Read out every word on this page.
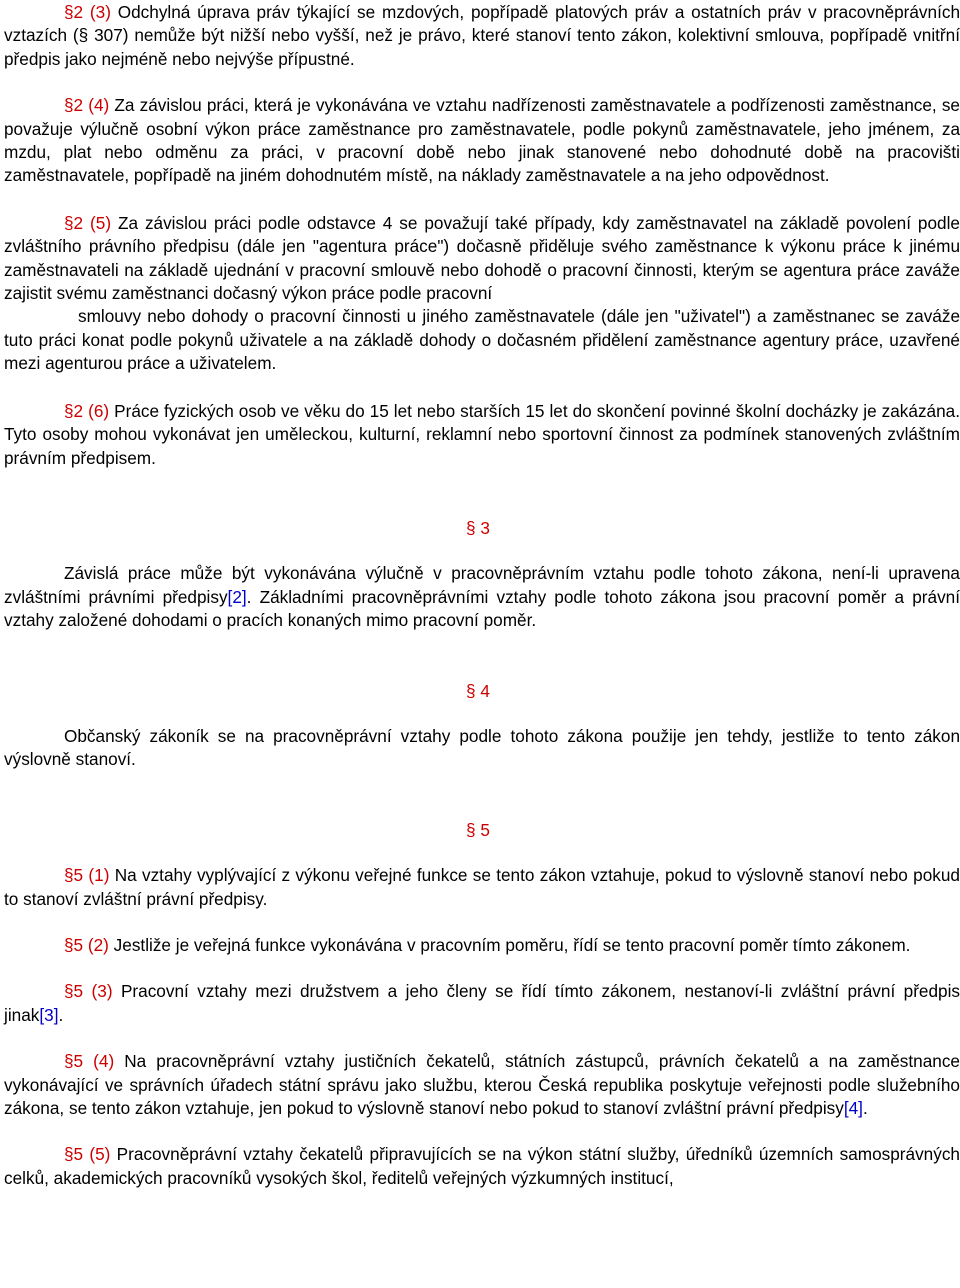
§2 (3) Odchylná úprava práv týkající se mzdových, popřípadě platových práv a ostatních práv v pracovněprávních vztazích (§ 307) nemůže být nižší nebo vyšší, než je právo, které stanoví tento zákon, kolektivní smlouva, popřípadě vnitřní předpis jako nejméně nebo nejvýše přípustné.

§2 (4) Za závislou práci, která je vykonávána ve vztahu nadřízenosti zaměstnavatele a podřízenosti zaměstnance, se považuje výlučně osobní výkon práce zaměstnance pro zaměstnavatele, podle pokynů zaměstnavatele, jeho jménem, za mzdu, plat nebo odměnu za práci, v pracovní době nebo jinak stanovené nebo dohodnuté době na pracovišti zaměstnavatele, popřípadě na jiném dohodnutém místě, na náklady zaměstnavatele a na jeho odpovědnost.

§2 (5) Za závislou práci podle odstavce 4 se považují také případy, kdy zaměstnavatel na základě povolení podle zvláštního právního předpisu (dále jen "agentura práce") dočasně přiděluje svého zaměstnance k výkonu práce k jinému zaměstnavateli na základě ujednání v pracovní smlouvě nebo dohodě o pracovní činnosti, kterým se agentura práce zaváže zajistit svému zaměstnanci dočasný výkon práce podle pracovní

smlouvy nebo dohody o pracovní činnosti u jiného zaměstnavatele (dále jen "uživatel") a zaměstnanec se zaváže tuto práci konat podle pokynů uživatele a na základě dohody o dočasném přidělení zaměstnance agentury práce, uzavřené mezi agenturou práce a uživatelem.

§2 (6) Práce fyzických osob ve věku do 15 let nebo starších 15 let do skončení povinné školní docházky je zakázána. Tyto osoby mohou vykonávat jen uměleckou, kulturní, reklamní nebo sportovní činnost za podmínek stanovených zvláštním právním předpisem.

§ 3

Závislá práce může být vykonávána výlučně v pracovněprávním vztahu podle tohoto zákona, není-li upravena zvláštními právními předpisy[2]. Základními pracovněprávními vztahy podle tohoto zákona jsou pracovní poměr a právní vztahy založené dohodami o pracích konaných mimo pracovní poměr.

§ 4

Občanský zákoník se na pracovněprávní vztahy podle tohoto zákona použije jen tehdy, jestliže to tento zákon výslovně stanoví.

§ 5

§5 (1) Na vztahy vyplývající z výkonu veřejné funkce se tento zákon vztahuje, pokud to výslovně stanoví nebo pokud to stanoví zvláštní právní předpisy.

§5 (2) Jestliže je veřejná funkce vykonávána v pracovním poměru, řídí se tento pracovní poměr tímto zákonem.

§5 (3) Pracovní vztahy mezi družstvem a jeho členy se řídí tímto zákonem, nestanoví-li zvláštní právní předpis jinak[3].

§5 (4) Na pracovněprávní vztahy justičních čekatelů, státních zástupců, právních čekatelů a na zaměstnance vykonávající ve správních úřadech státní správu jako službu, kterou Česká republika poskytuje veřejnosti podle služebního zákona, se tento zákon vztahuje, jen pokud to výslovně stanoví nebo pokud to stanoví zvláštní právní předpisy[4].

§5 (5) Pracovněprávní vztahy čekatelů připravujících se na výkon státní služby, úředníků územních samosprávných celků, akademických pracovníků vysokých škol, ředitelů veřejných výzkumných institucí,
